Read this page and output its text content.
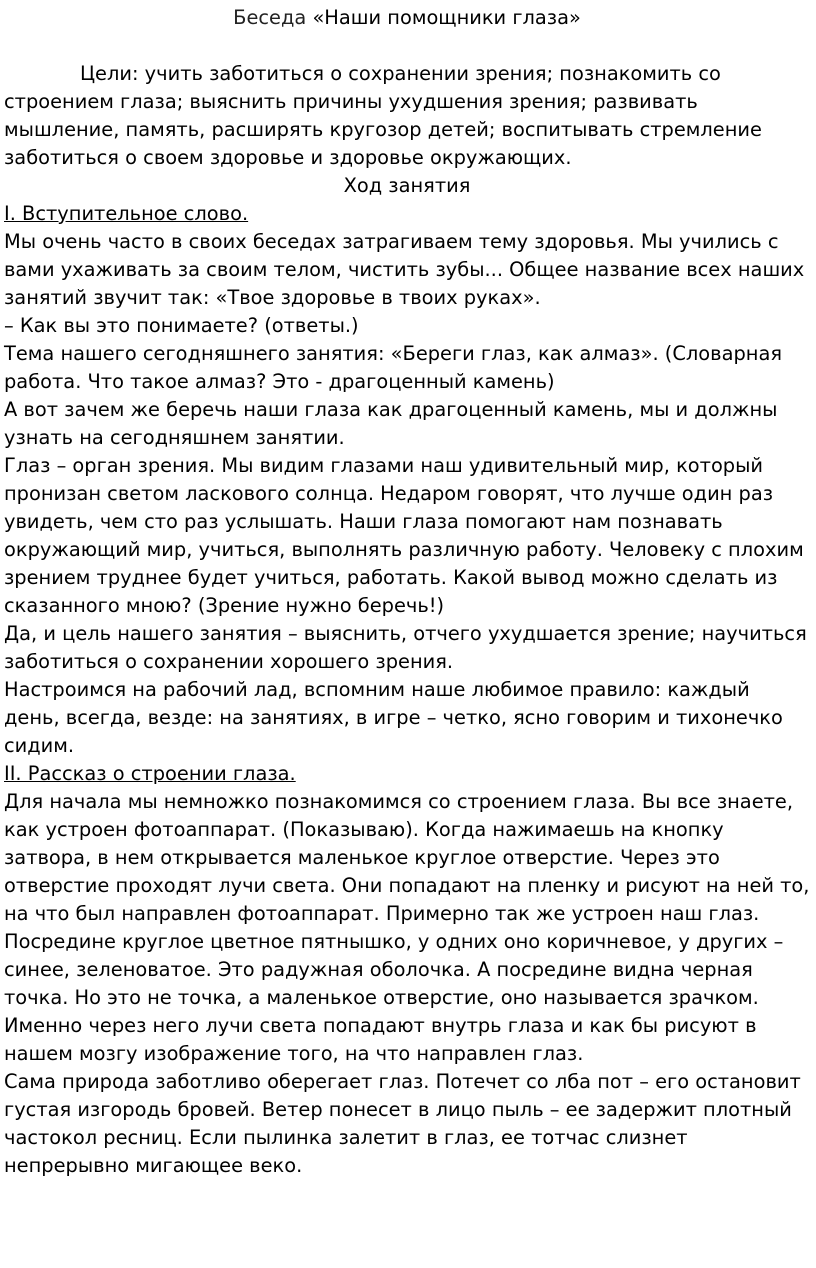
Беседа «Наши помощники глаза»

Цели: учить заботиться о сохранении зрения; познакомить со строением глаза; выяснить причины ухудшения зрения; развивать мышление, память, расширять кругозор детей; воспитывать стремление заботиться о своем здоровье и здоровье окружающих.

Ход занятия

I. Вступительное слово.

Мы очень часто в своих беседах затрагиваем тему здоровья. Мы учились с вами ухаживать за своим телом, чистить зубы... Общее название всех наших занятий звучит так: «Твое здоровье в твоих руках».

– Как вы это понимаете? (ответы.)

Тема нашего сегодняшнего занятия: «Береги глаз, как алмаз». (Словарная работа. Что такое алмаз? Это - драгоценный камень)

А вот зачем же беречь наши глаза как драгоценный камень, мы и должны узнать на сегодняшнем занятии.

Глаз – орган зрения. Мы видим глазами наш удивительный мир, который пронизан светом ласкового солнца. Недаром говорят, что лучше один раз увидеть, чем сто раз услышать. Наши глаза помогают нам познавать окружающий мир, учиться, выполнять различную работу. Человеку с плохим зрением труднее будет учиться, работать. Какой вывод можно сделать из сказанного мною? (Зрение нужно беречь!)

Да, и цель нашего занятия – выяснить, отчего ухудшается зрение; научиться заботиться о сохранении хорошего зрения.

Настроимся на рабочий лад, вспомним наше любимое правило: каждый день, всегда, везде: на занятиях, в игре – четко, ясно говорим и тихонечко сидим.

II. Рассказ о строении глаза.

Для начала мы немножко познакомимся со строением глаза. Вы все знаете, как устроен фотоаппарат. (Показываю). Когда нажимаешь на кнопку затвора, в нем открывается маленькое круглое отверстие. Через это отверстие проходят лучи света. Они попадают на пленку и рисуют на ней то, на что был направлен фотоаппарат. Примерно так же устроен наш глаз. Посредине круглое цветное пятнышко, у одних оно коричневое, у других – синее, зеленоватое. Это радужная оболочка. А посредине видна черная точка. Но это не точка, а маленькое отверстие, оно называется зрачком. Именно через него лучи света попадают внутрь глаза и как бы рисуют в нашем мозгу изображение того, на что направлен глаз.

Сама природа заботливо оберегает глаз. Потечет со лба пот – его остановит густая изгородь бровей. Ветер понесет в лицо пыль – ее задержит плотный частокол ресниц. Если пылинка залетит в глаз, ее тотчас слизнет непрерывно мигающее веко.
